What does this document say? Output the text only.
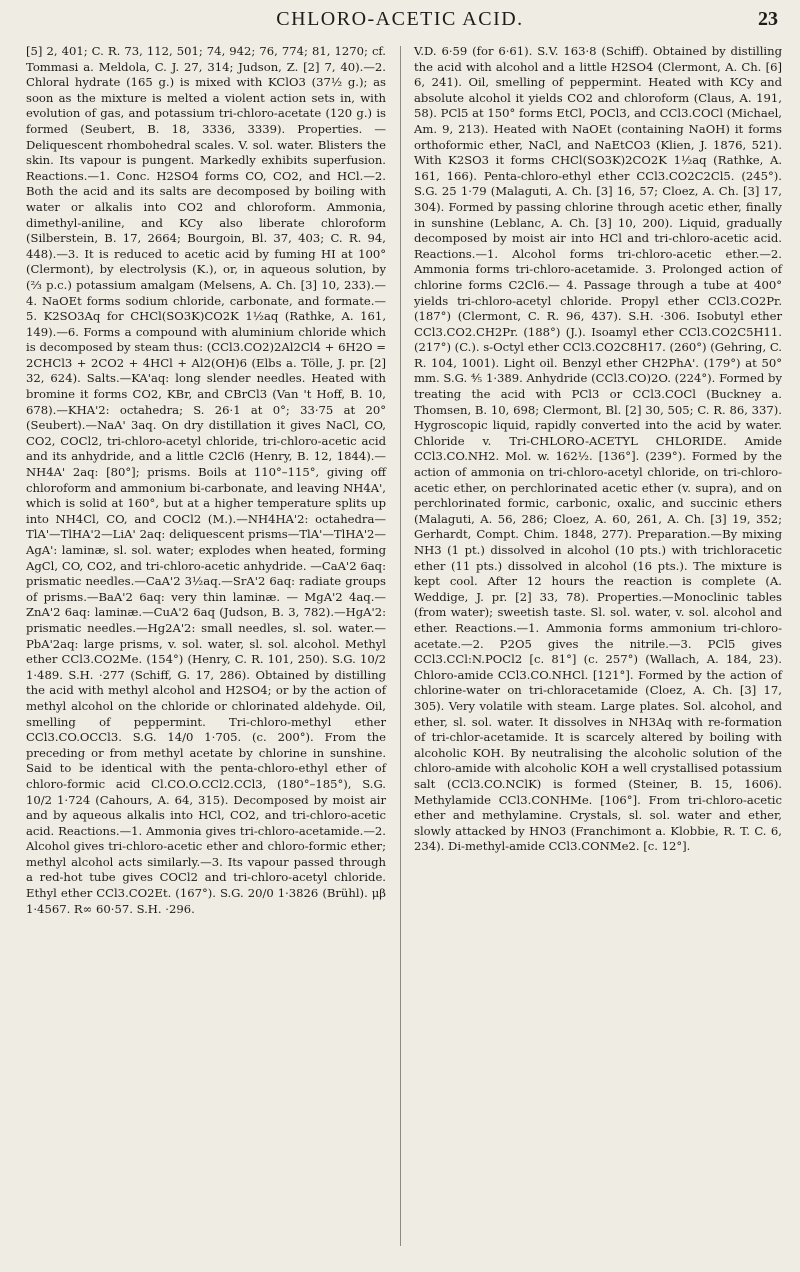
CHLORO-ACETIC ACID.	23

[5] 2, 401; C. R. 73, 112, 501; 74, 942; 76, 774; 81, 1270; cf. Tommasi a. Meldola, C. J. 27, 314; Judson, Z. [2] 7, 40).—2. Chloral hydrate (165 g.) is mixed with KClO3 (37½ g.); as soon as the mixture is melted a violent action sets in, with evolution of gas, and potassium tri-chloro-acetate (120 g.) is formed (Seubert, B. 18, 3336, 3339). Properties. — Deliquescent rhombohedral scales. V. sol. water. Blisters the skin. Its vapour is pungent. Markedly exhibits superfusion. Reactions.—1. Conc. H2SO4 forms CO, CO2, and HCl.—2. Both the acid and its salts are decomposed by boiling with water or alkalis into CO2 and chloroform. Ammonia, dimethyl-aniline, and KCy also liberate chloroform (Silberstein, B. 17, 2664; Bourgoin, Bl. 37, 403; C. R. 94, 448).—3. It is reduced to acetic acid by fuming HI at 100° (Clermont), by electrolysis (K.), or, in aqueous solution, by (⅔ p.c.) potassium amalgam (Melsens, A. Ch. [3] 10, 233).—4. NaOEt forms sodium chloride, carbonate, and formate.—5. K2SO3Aq for CHCl(SO3K)CO2K 1½aq (Rathke, A. 161, 149).—6. Forms a compound with aluminium chloride which is decomposed by steam thus: (CCl3.CO2)2Al2Cl4 + 6H2O = 2CHCl3 + 2CO2 + 4HCl + Al2(OH)6 (Elbs a. Tölle, J. pr. [2] 32, 624). Salts.—KA'aq: long slender needles. Heated with bromine it forms CO2, KBr, and CBrCl3 (Van 't Hoff, B. 10, 678).—KHA'2: octahedra; S. 26·1 at 0°; 33·75 at 20° (Seubert).—NaA' 3aq. On dry distillation it gives NaCl, CO, CO2, COCl2, tri-chloro-acetyl chloride, tri-chloro-acetic acid and its anhydride, and a little C2Cl6 (Henry, B. 12, 1844).—NH4A' 2aq: [80°]; prisms. Boils at 110°–115°, giving off chloroform and ammonium bi-carbonate, and leaving NH4A', which is solid at 160°, but at a higher temperature splits up into NH4Cl, CO, and COCl2 (M.).—NH4HA'2: octahedra—TlA'—TlHA'2—LiA' 2aq: deliquescent prisms—TlA'—TlHA'2—AgA': laminæ, sl. sol. water; explodes when heated, forming AgCl, CO, CO2, and tri-chloro-acetic anhydride. —CaA'2 6aq: prismatic needles.—CaA'2 3½aq.—SrA'2 6aq: radiate groups of prisms.—BaA'2 6aq: very thin laminæ. — MgA'2 4aq.—ZnA'2 6aq: laminæ.—CuA'2 6aq (Judson, B. 3, 782).—HgA'2: prismatic needles.—Hg2A'2: small needles, sl. sol. water.—PbA'2aq: large prisms, v. sol. water, sl. sol. alcohol. Methyl ether CCl3.CO2Me. (154°) (Henry, C. R. 101, 250). S.G. 10/2 1·489. S.H. ·277 (Schiff, G. 17, 286). Obtained by distilling the acid with methyl alcohol and H2SO4; or by the action of methyl alcohol on the chloride or chlorinated aldehyde. Oil, smelling of peppermint. Tri-chloro-methyl ether CCl3.CO.OCCl3. S.G. 14/0 1·705. (c. 200°). From the preceding or from methyl acetate by chlorine in sunshine. Said to be identical with the penta-chloro-ethyl ether of chloro-formic acid Cl.CO.O.CCl2.CCl3, (180°–185°), S.G. 10/2 1·724 (Cahours, A. 64, 315). Decomposed by moist air and by aqueous alkalis into HCl, CO2, and tri-chloro-acetic acid. Reactions.—1. Ammonia gives tri-chloro-acetamide.—2. Alcohol gives tri-chloro-acetic ether and chloro-formic ether; methyl alcohol acts similarly.—3. Its vapour passed through a red-hot tube gives COCl2 and tri-chloro-acetyl chloride. Ethyl ether CCl3.CO2Et. (167°). S.G. 20/0 1·3826 (Brühl). μβ 1·4567. R∞ 60·57. S.H. ·296.

V.D. 6·59 (for 6·61). S.V. 163·8 (Schiff). Obtained by distilling the acid with alcohol and a little H2SO4 (Clermont, A. Ch. [6] 6, 241). Oil, smelling of peppermint. Heated with KCy and absolute alcohol it yields CO2 and chloroform (Claus, A. 191, 58). PCl5 at 150° forms EtCl, POCl3, and CCl3.COCl (Michael, Am. 9, 213). Heated with NaOEt (containing NaOH) it forms orthoformic ether, NaCl, and NaEtCO3 (Klien, J. 1876, 521). With K2SO3 it forms CHCl(SO3K)2CO2K 1½aq (Rathke, A. 161, 166). Penta-chloro-ethyl ether CCl3.CO2C2Cl5. (245°). S.G. 25 1·79 (Malaguti, A. Ch. [3] 16, 57; Cloez, A. Ch. [3] 17, 304). Formed by passing chlorine through acetic ether, finally in sunshine (Leblanc, A. Ch. [3] 10, 200). Liquid, gradually decomposed by moist air into HCl and tri-chloro-acetic acid. Reactions.—1. Alcohol forms tri-chloro-acetic ether.—2. Ammonia forms tri-chloro-acetamide. 3. Prolonged action of chlorine forms C2Cl6.— 4. Passage through a tube at 400° yields tri-chloro-acetyl chloride. Propyl ether CCl3.CO2Pr. (187°) (Clermont, C. R. 96, 437). S.H. ·306. Isobutyl ether CCl3.CO2.CH2Pr. (188°) (J.). Isoamyl ether CCl3.CO2C5H11. (217°) (C.). s-Octyl ether CCl3.CO2C8H17. (260°) (Gehring, C. R. 104, 1001). Light oil. Benzyl ether CH2PhA'. (179°) at 50° mm. S.G. ⅘ 1·389. Anhydride (CCl3.CO)2O. (224°). Formed by treating the acid with PCl3 or CCl3.COCl (Buckney a. Thomsen, B. 10, 698; Clermont, Bl. [2] 30, 505; C. R. 86, 337). Hygroscopic liquid, rapidly converted into the acid by water. Chloride v. Tri-CHLORO-ACETYL CHLORIDE. Amide CCl3.CO.NH2. Mol. w. 162½. [136°]. (239°). Formed by the action of ammonia on tri-chloro-acetyl chloride, on tri-chloro-acetic ether, on perchlorinated acetic ether (v. supra), and on perchlorinated formic, carbonic, oxalic, and succinic ethers (Malaguti, A. 56, 286; Cloez, A. 60, 261, A. Ch. [3] 19, 352; Gerhardt, Compt. Chim. 1848, 277). Preparation.—By mixing NH3 (1 pt.) dissolved in alcohol (10 pts.) with trichloracetic ether (11 pts.) dissolved in alcohol (16 pts.). The mixture is kept cool. After 12 hours the reaction is complete (A. Weddige, J. pr. [2] 33, 78). Properties.—Monoclinic tables (from water); sweetish taste. Sl. sol. water, v. sol. alcohol and ether. Reactions.—1. Ammonia forms ammonium tri-chloro-acetate.—2. P2O5 gives the nitrile.—3. PCl5 gives CCl3.CCl:N.POCl2 [c. 81°] (c. 257°) (Wallach, A. 184, 23). Chloro-amide CCl3.CO.NHCl. [121°]. Formed by the action of chlorine-water on tri-chloracetamide (Cloez, A. Ch. [3] 17, 305). Very volatile with steam. Large plates. Sol. alcohol, and ether, sl. sol. water. It dissolves in NH3Aq with re-formation of tri-chlor-acetamide. It is scarcely altered by boiling with alcoholic KOH. By neutralising the alcoholic solution of the chloro-amide with alcoholic KOH a well crystallised potassium salt (CCl3.CO.NClK) is formed (Steiner, B. 15, 1606). Methylamide CCl3.CONHMe. [106°]. From tri-chloro-acetic ether and methylamine. Crystals, sl. sol. water and ether, slowly attacked by HNO3 (Franchimont a. Klobbie, R. T. C. 6, 234). Di-methyl-amide CCl3.CONMe2. [c. 12°].
